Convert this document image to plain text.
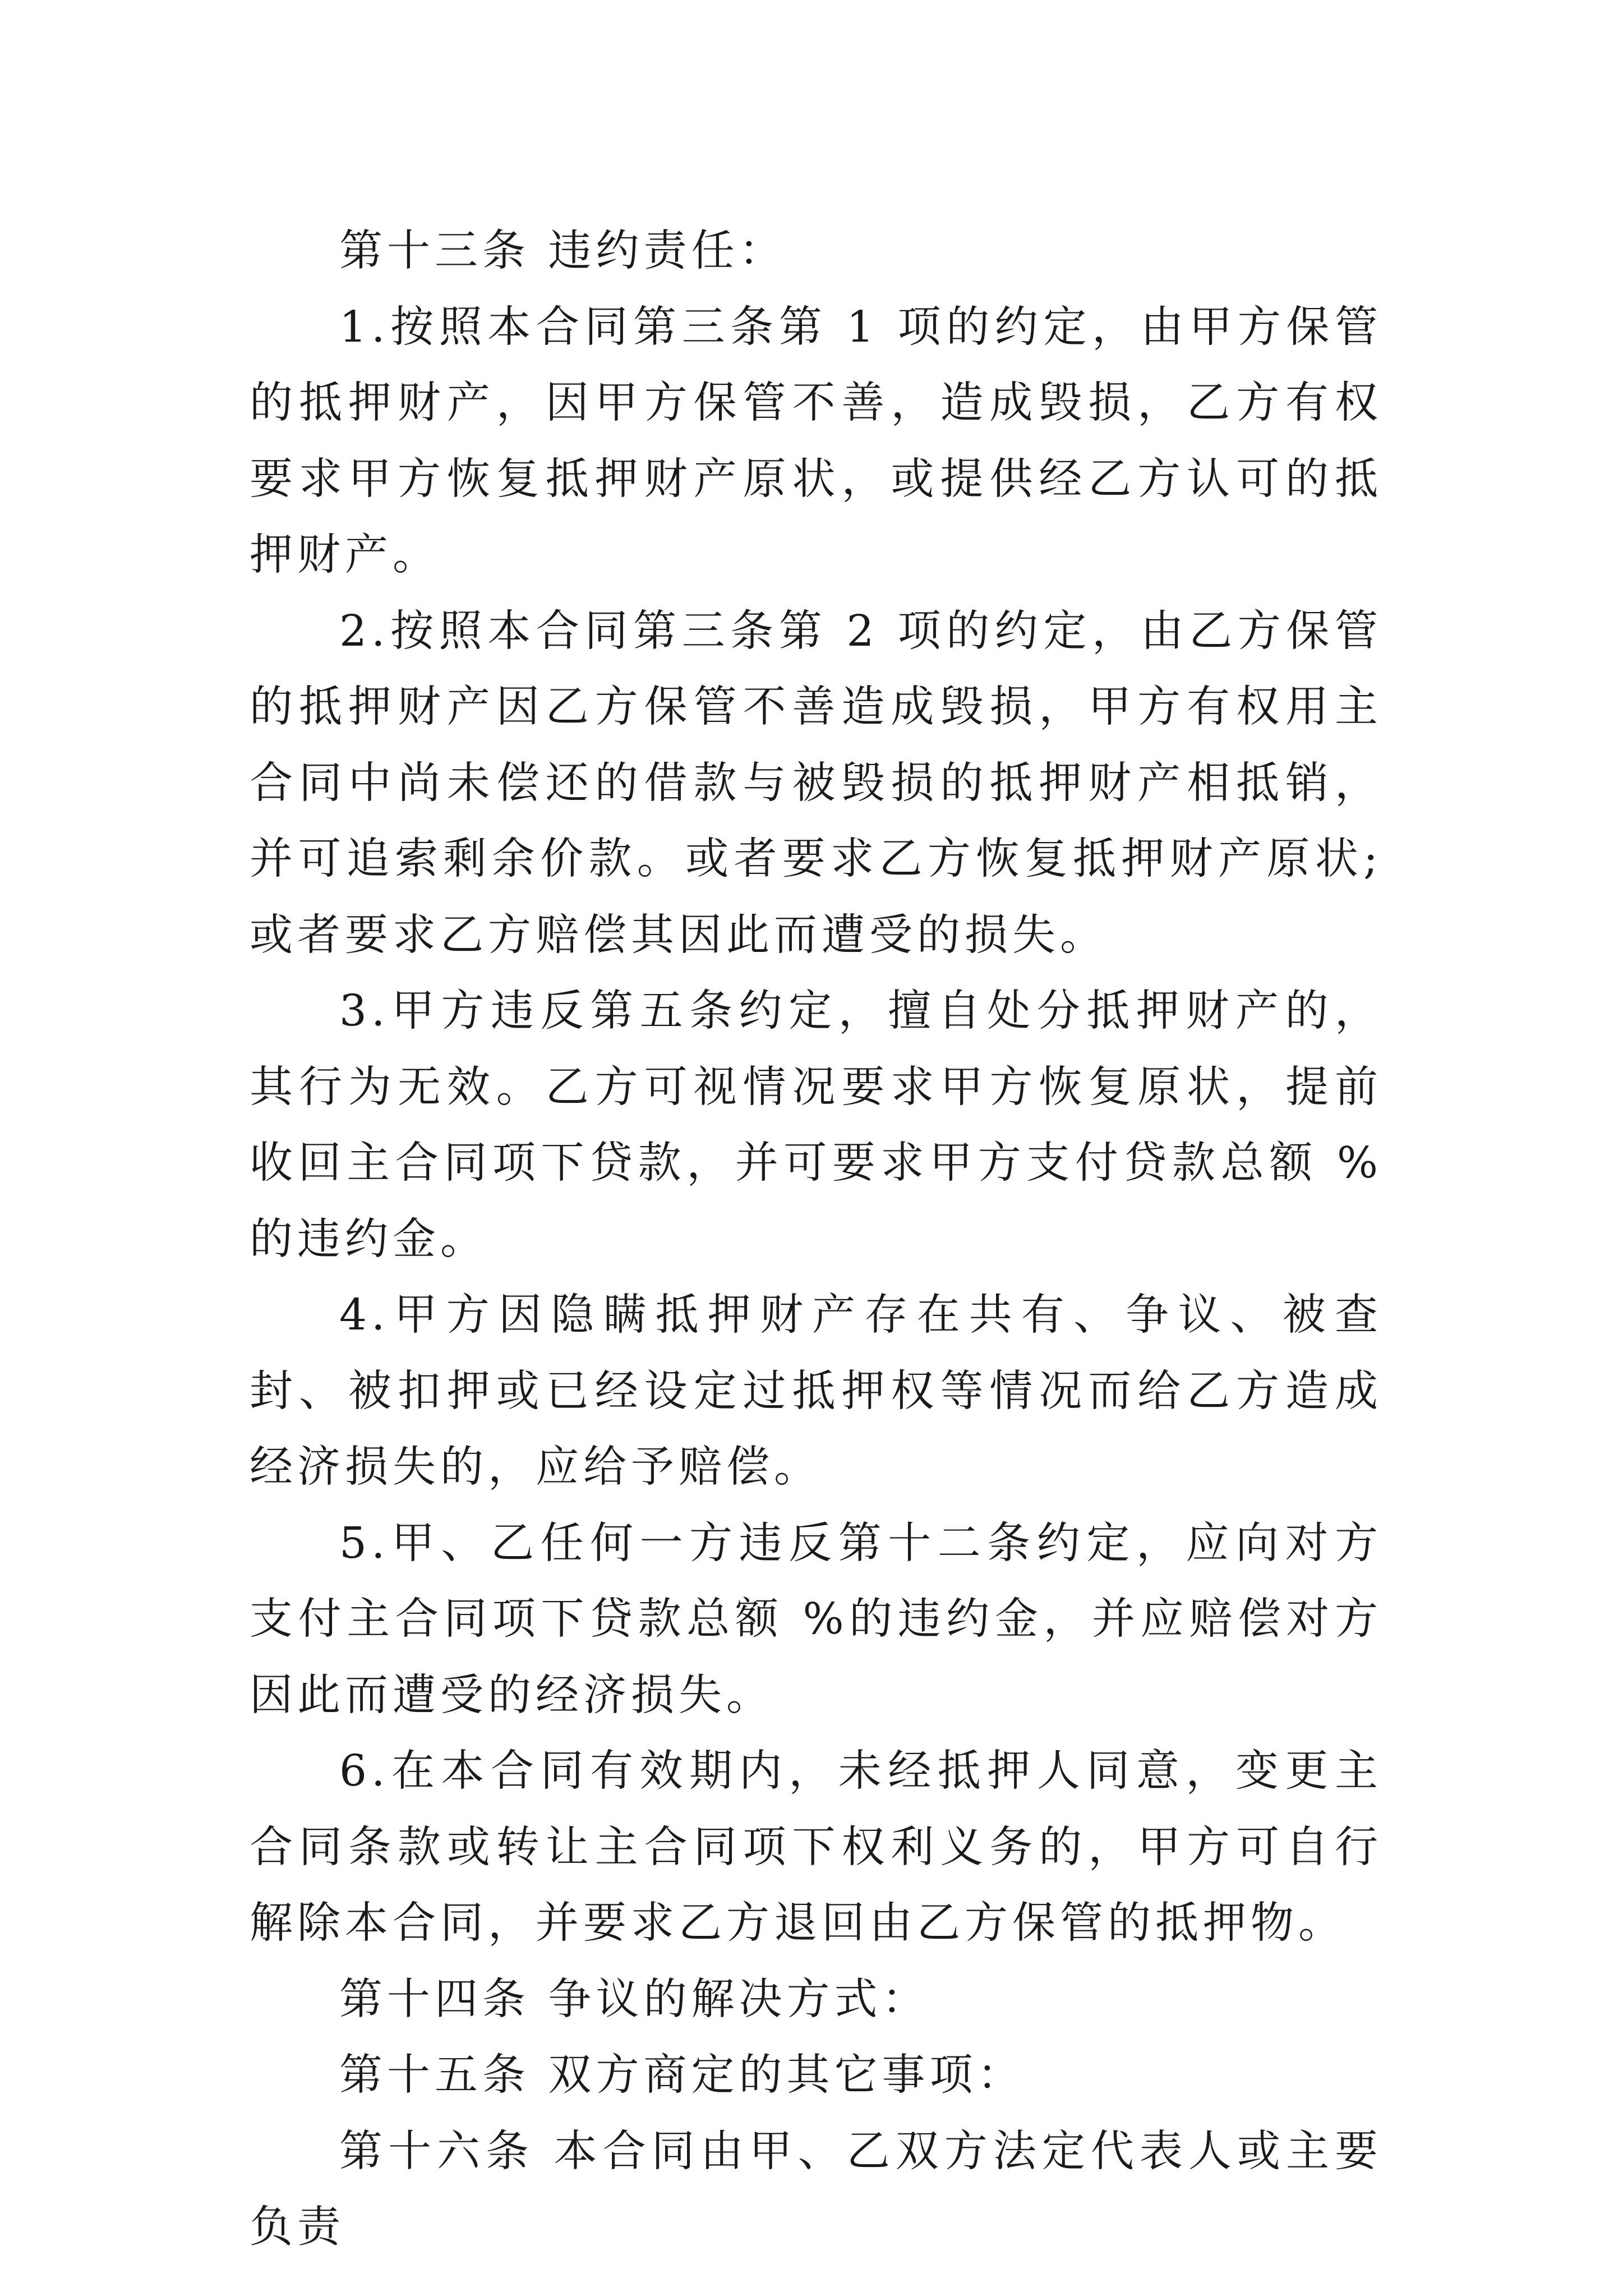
第十三条 违约责任：

1.按照本合同第三条第 1 项的约定，由甲方保管的抵押财产，因甲方保管不善，造成毁损，乙方有权要求甲方恢复抵押财产原状，或提供经乙方认可的抵押财产。

2.按照本合同第三条第 2 项的约定，由乙方保管的抵押财产因乙方保管不善造成毁损，甲方有权用主合同中尚未偿还的借款与被毁损的抵押财产相抵销，并可追索剩余价款。或者要求乙方恢复抵押财产原状;或者要求乙方赔偿其因此而遭受的损失。

3.甲方违反第五条约定，擅自处分抵押财产的，其行为无效。乙方可视情况要求甲方恢复原状，提前收回主合同项下贷款，并可要求甲方支付贷款总额 %的违约金。

4.甲方因隐瞒抵押财产存在共有、争议、被查封、被扣押或已经设定过抵押权等情况而给乙方造成经济损失的，应给予赔偿。

5.甲、乙任何一方违反第十二条约定，应向对方支付主合同项下贷款总额 %的违约金，并应赔偿对方因此而遭受的经济损失。

6.在本合同有效期内，未经抵押人同意，变更主合同条款或转让主合同项下权利义务的，甲方可自行解除本合同，并要求乙方退回由乙方保管的抵押物。

第十四条 争议的解决方式：

第十五条 双方商定的其它事项：

第十六条 本合同由甲、乙双方法定代表人或主要负责
